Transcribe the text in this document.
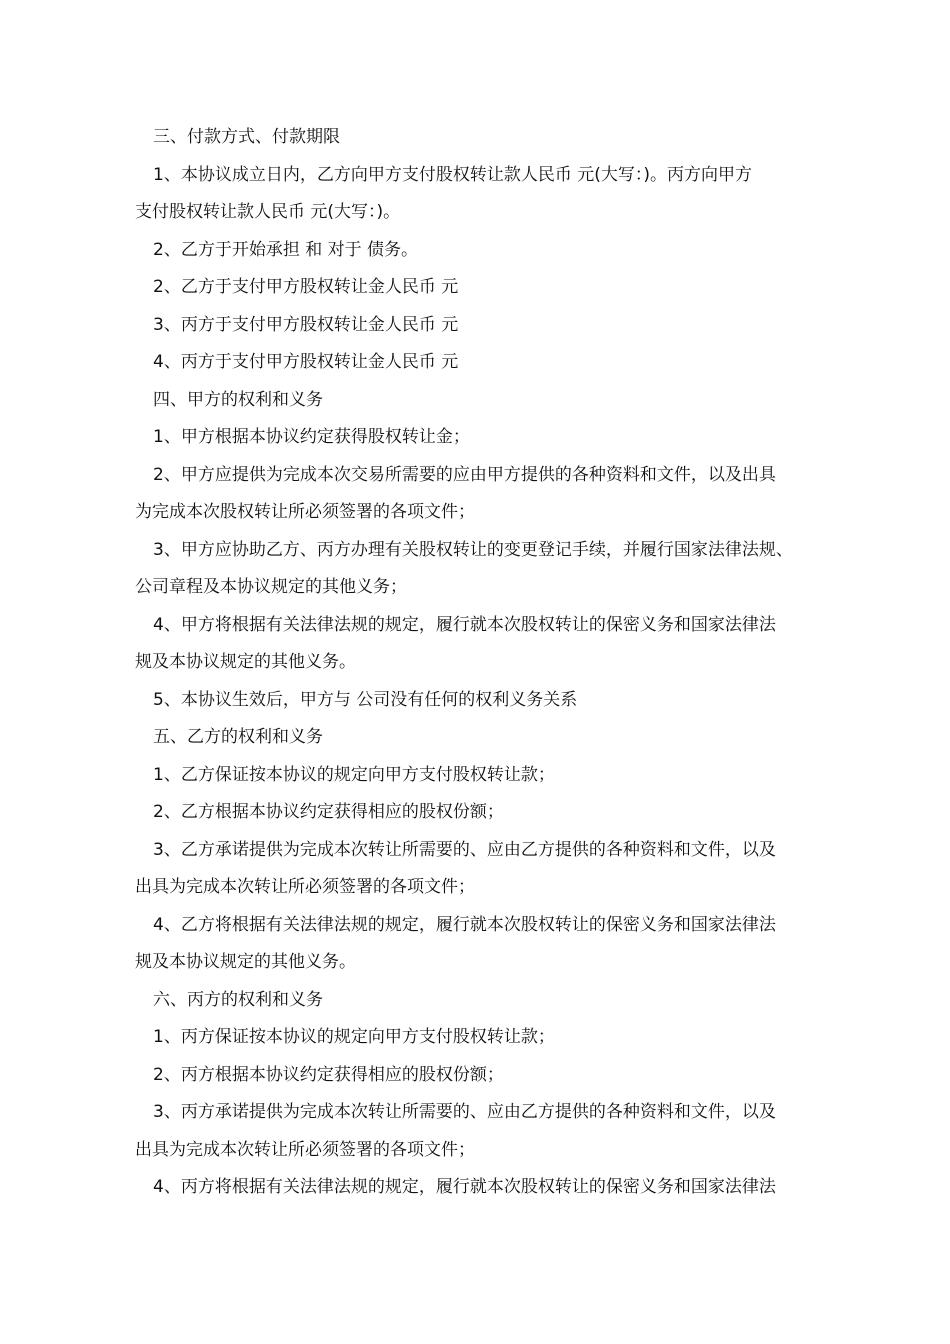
三、付款方式、付款期限

1、本协议成立日内，乙方向甲方支付股权转让款人民币 元(大写：)。丙方向甲方
支付股权转让款人民币 元(大写：)。

2、乙方于开始承担 和 对于 债务。

2、乙方于支付甲方股权转让金人民币 元

3、丙方于支付甲方股权转让金人民币 元

4、丙方于支付甲方股权转让金人民币 元

四、甲方的权利和义务

1、甲方根据本协议约定获得股权转让金；

2、甲方应提供为完成本次交易所需要的应由甲方提供的各种资料和文件，以及出具
为完成本次股权转让所必须签署的各项文件；

3、甲方应协助乙方、丙方办理有关股权转让的变更登记手续，并履行国家法律法规、
公司章程及本协议规定的其他义务；

4、甲方将根据有关法律法规的规定，履行就本次股权转让的保密义务和国家法律法
规及本协议规定的其他义务。

5、本协议生效后，甲方与 公司没有任何的权利义务关系

五、乙方的权利和义务

1、乙方保证按本协议的规定向甲方支付股权转让款；

2、乙方根据本协议约定获得相应的股权份额；

3、乙方承诺提供为完成本次转让所需要的、应由乙方提供的各种资料和文件，以及
出具为完成本次转让所必须签署的各项文件；

4、乙方将根据有关法律法规的规定，履行就本次股权转让的保密义务和国家法律法
规及本协议规定的其他义务。

六、丙方的权利和义务

1、丙方保证按本协议的规定向甲方支付股权转让款；

2、丙方根据本协议约定获得相应的股权份额；

3、丙方承诺提供为完成本次转让所需要的、应由乙方提供的各种资料和文件，以及
出具为完成本次转让所必须签署的各项文件；

4、丙方将根据有关法律法规的规定，履行就本次股权转让的保密义务和国家法律法
